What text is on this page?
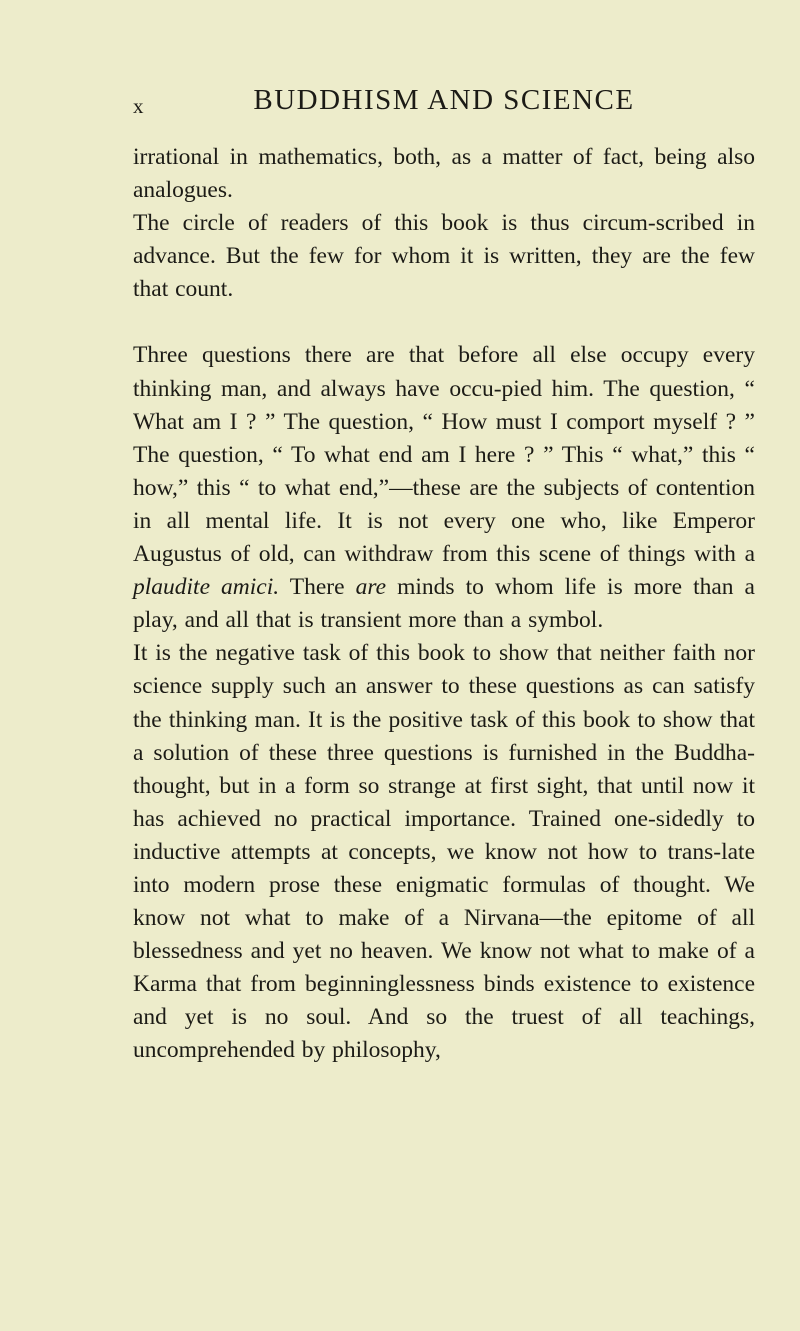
x	BUDDHISM AND SCIENCE

irrational in mathematics, both, as a matter of fact, being also analogues.

The circle of readers of this book is thus circum-scribed in advance. But the few for whom it is written, they are the few that count.

Three questions there are that before all else occupy every thinking man, and always have occu-pied him. The question, “ What am I ? ” The question, “ How must I comport myself ? ” The question, “ To what end am I here ? ” This “ what,” this “ how,” this “ to what end,”—these are the subjects of contention in all mental life. It is not every one who, like Emperor Augustus of old, can withdraw from this scene of things with a plaudite amici. There are minds to whom life is more than a play, and all that is transient more than a symbol.

It is the negative task of this book to show that neither faith nor science supply such an answer to these questions as can satisfy the thinking man. It is the positive task of this book to show that a solution of these three questions is furnished in the Buddha-thought, but in a form so strange at first sight, that until now it has achieved no practical importance. Trained one-sidedly to inductive attempts at concepts, we know not how to trans-late into modern prose these enigmatic formulas of thought. We know not what to make of a Nirvana—the epitome of all blessedness and yet no heaven. We know not what to make of a Karma that from beginninglessness binds existence to existence and yet is no soul. And so the truest of all teachings, uncomprehended by philosophy,
